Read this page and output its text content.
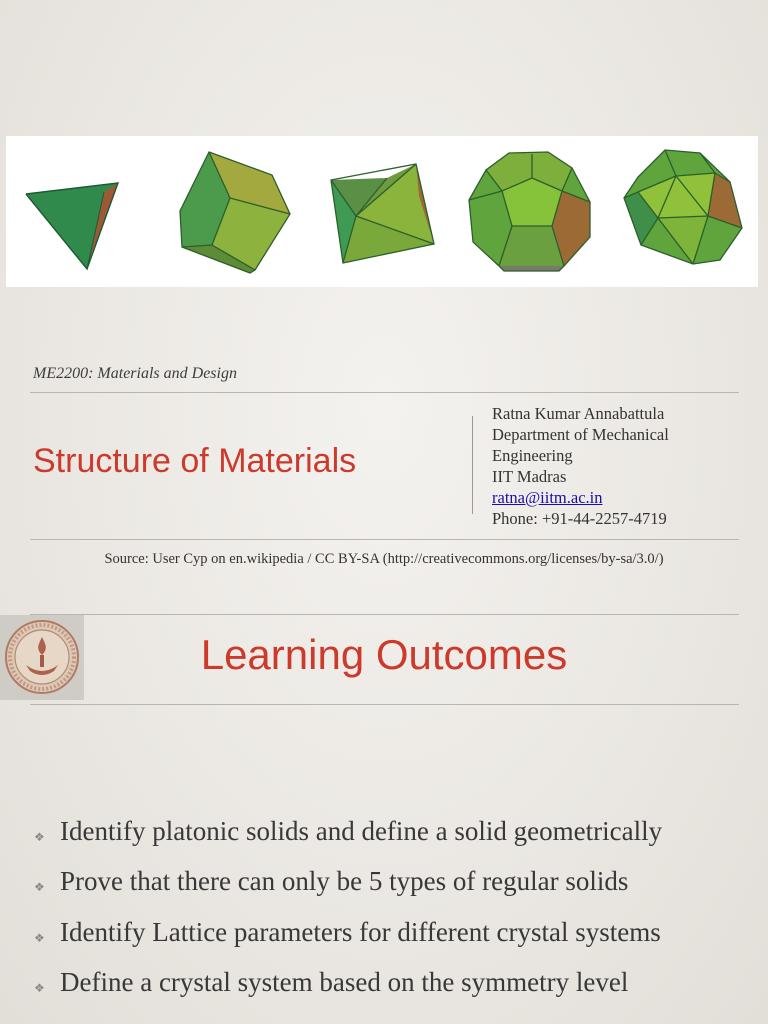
ME2200: Materials and Design
Structure of Materials
Ratna Kumar Annabattula
Department of Mechanical
Engineering
IIT Madras
ratna@iitm.ac.in
Phone: +91-44-2257-4719
Source: User Cyp on en.wikipedia / CC BY-SA (http://creativecommons.org/licenses/by-sa/3.0/)
Learning Outcomes
❖ Identify platonic solids and define a solid geometrically
❖ Prove that there can only be 5 types of regular solids
❖ Identify Lattice parameters for different crystal systems
❖ Define a crystal system based on the symmetry level
